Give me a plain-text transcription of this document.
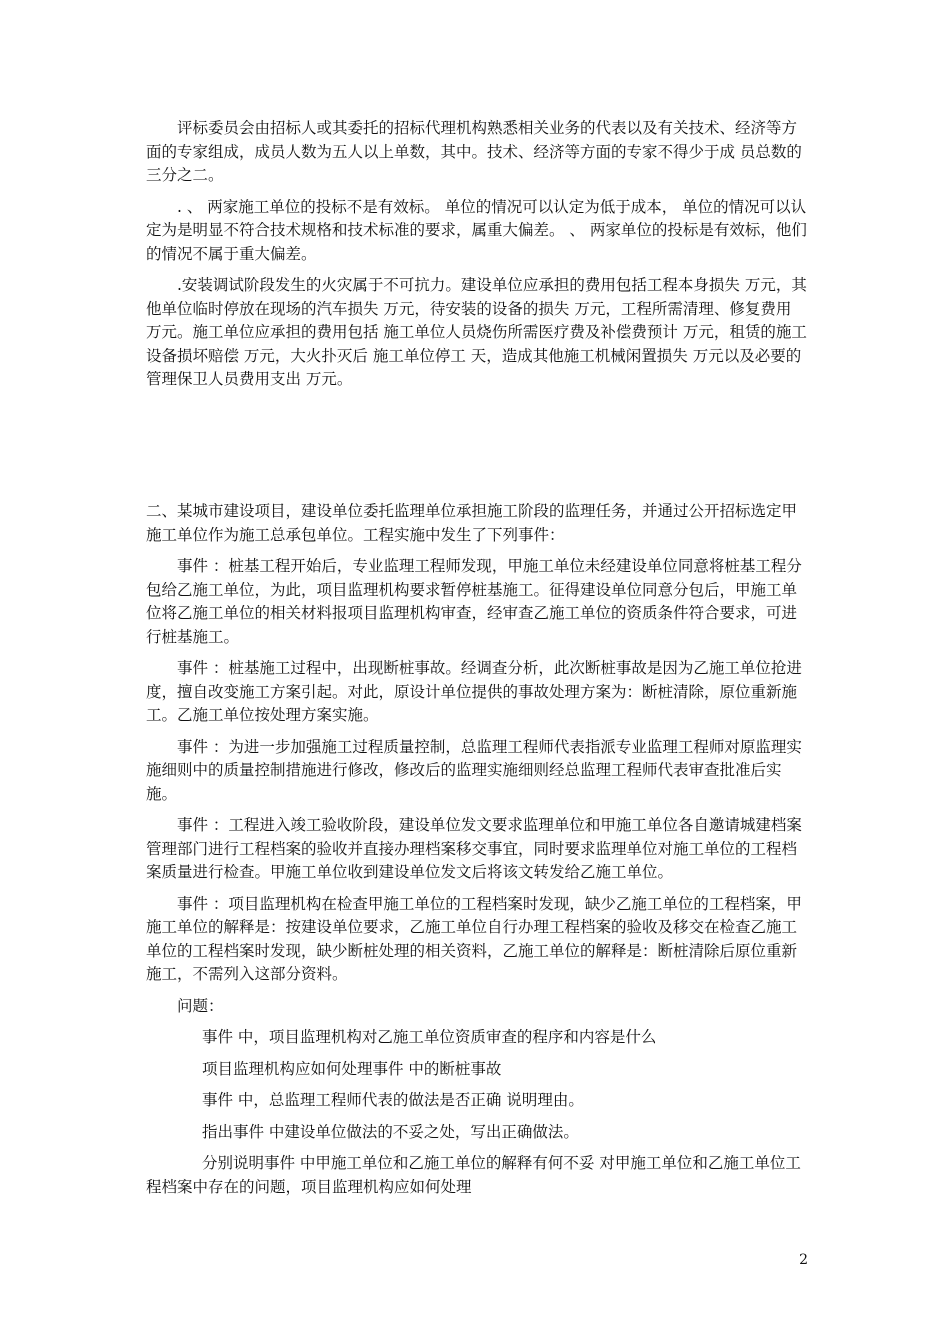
评标委员会由招标人或其委托的招标代理机构熟悉相关业务的代表以及有关技术、经济等方面的专家组成，成员人数为五人以上单数，其中。技术、经济等方面的专家不得少于成 员总数的三分之二。

. 、 两家施工单位的投标不是有效标。 单位的情况可以认定为低于成本， 单位的情况可以认定为是明显不符合技术规格和技术标准的要求，属重大偏差。 、 两家单位的投标是有效标，他们的情况不属于重大偏差。

.安装调试阶段发生的火灾属于不可抗力。建设单位应承担的费用包括工程本身损失 万元，其他单位临时停放在现场的汽车损失 万元，待安装的设备的损失 万元，工程所需清理、修复费用 万元。施工单位应承担的费用包括 施工单位人员烧伤所需医疗费及补偿费预计 万元，租赁的施工设备损坏赔偿 万元，大火扑灭后 施工单位停工 天，造成其他施工机械闲置损失 万元以及必要的管理保卫人员费用支出 万元。

二、某城市建设项目，建设单位委托监理单位承担施工阶段的监理任务，并通过公开招标选定甲施工单位作为施工总承包单位。工程实施中发生了下列事件：

事件 ：桩基工程开始后，专业监理工程师发现，甲施工单位未经建设单位同意将桩基工程分包给乙施工单位，为此，项目监理机构要求暂停桩基施工。征得建设单位同意分包后，甲施工单位将乙施工单位的相关材料报项目监理机构审查，经审查乙施工单位的资质条件符合要求，可进行桩基施工。

事件 ：桩基施工过程中，出现断桩事故。经调查分析，此次断桩事故是因为乙施工单位抢进度，擅自改变施工方案引起。对此，原设计单位提供的事故处理方案为：断桩清除，原位重新施工。乙施工单位按处理方案实施。

事件 ：为进一步加强施工过程质量控制，总监理工程师代表指派专业监理工程师对原监理实施细则中的质量控制措施进行修改，修改后的监理实施细则经总监理工程师代表审查批准后实施。

事件 ：工程进入竣工验收阶段，建设单位发文要求监理单位和甲施工单位各自邀请城建档案管理部门进行工程档案的验收并直接办理档案移交事宜，同时要求监理单位对施工单位的工程档案质量进行检查。甲施工单位收到建设单位发文后将该文转发给乙施工单位。

事件 ：项目监理机构在检查甲施工单位的工程档案时发现，缺少乙施工单位的工程档案，甲施工单位的解释是：按建设单位要求，乙施工单位自行办理工程档案的验收及移交在检查乙施工单位的工程档案时发现，缺少断桩处理的相关资料，乙施工单位的解释是：断桩清除后原位重新施工，不需列入这部分资料。

问题：

事件 中，项目监理机构对乙施工单位资质审查的程序和内容是什么

项目监理机构应如何处理事件 中的断桩事故

事件 中，总监理工程师代表的做法是否正确 说明理由。

指出事件 中建设单位做法的不妥之处，写出正确做法。

分别说明事件 中甲施工单位和乙施工单位的解释有何不妥 对甲施工单位和乙施工单位工程档案中存在的问题，项目监理机构应如何处理

2
